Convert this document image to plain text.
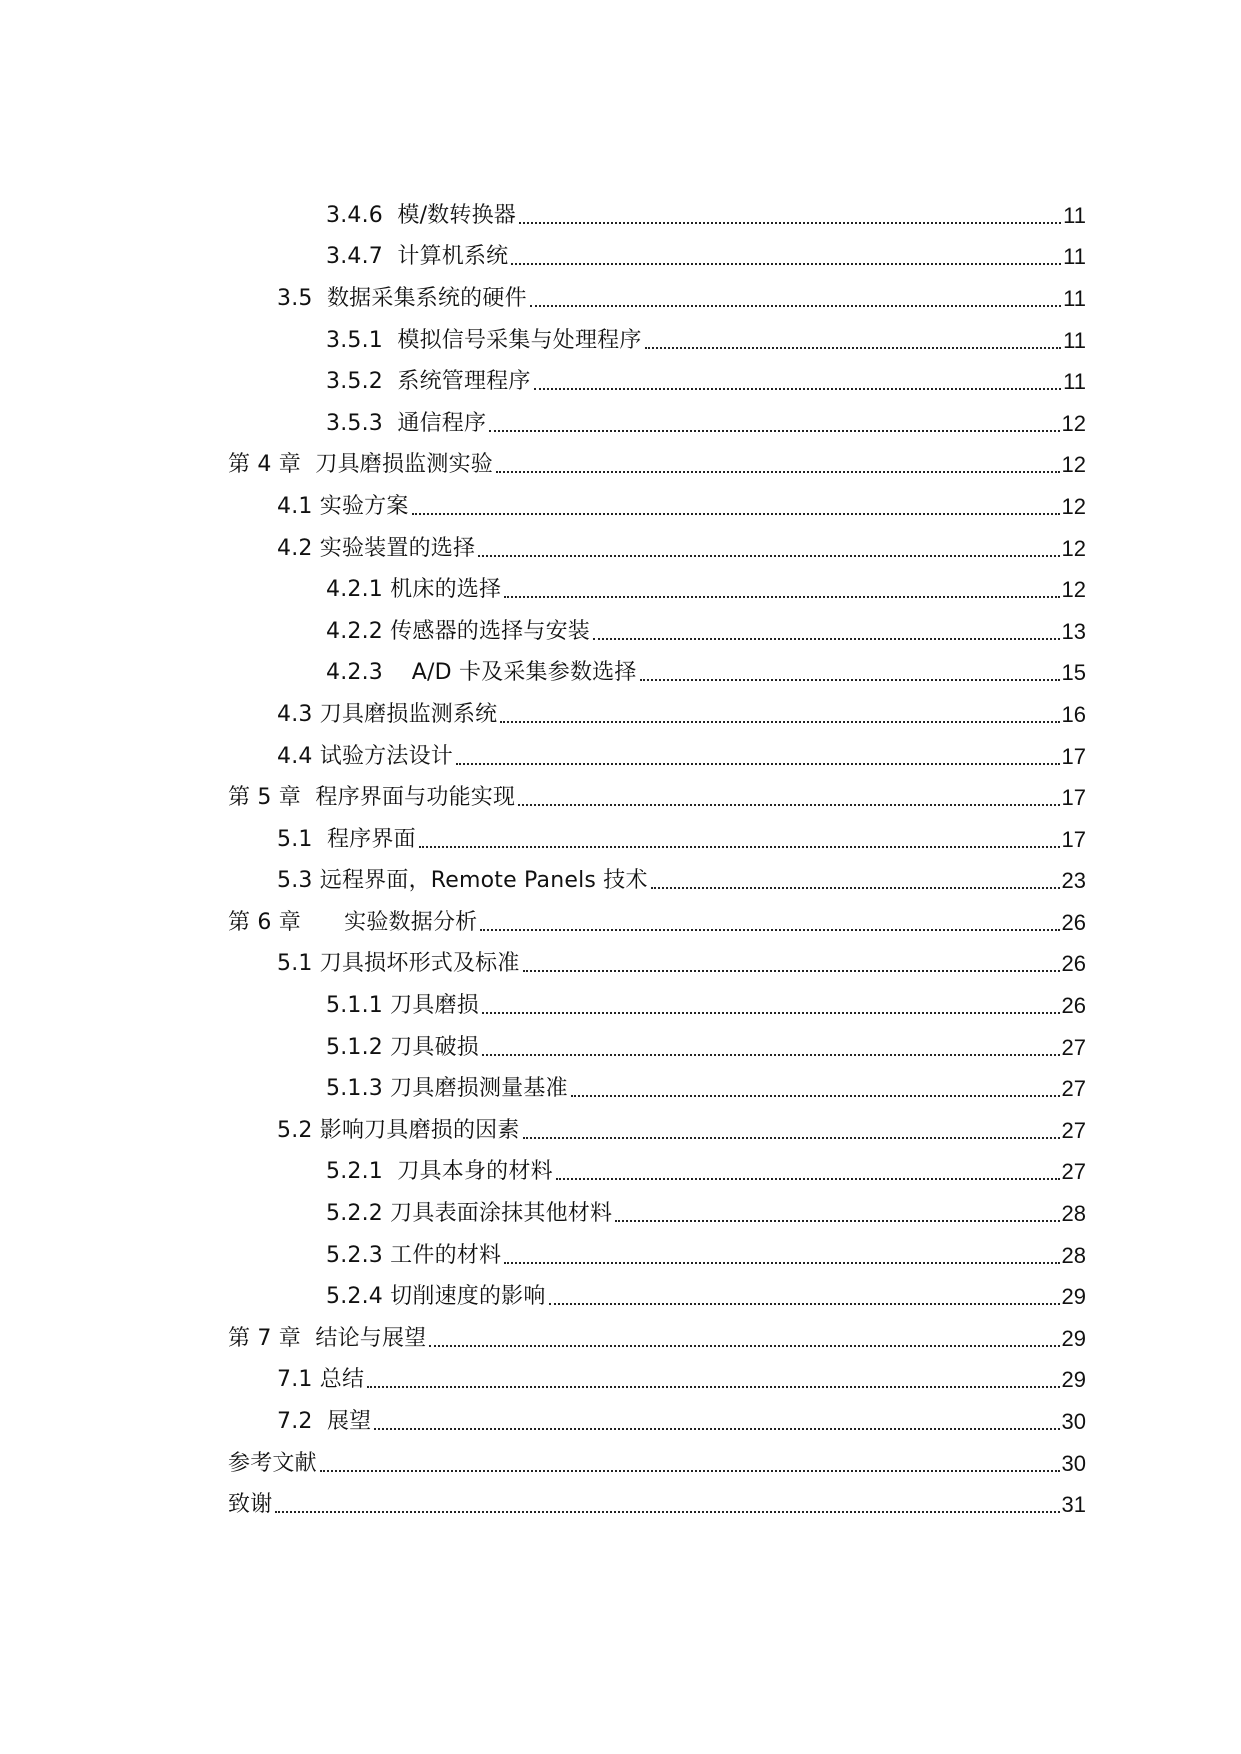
3.4.6  模/数转换器	11
3.4.7  计算机系统	11
3.5  数据采集系统的硬件	11
3.5.1  模拟信号采集与处理程序	11
3.5.2  系统管理程序	11
3.5.3  通信程序	12
第 4 章  刀具磨损监测实验	12
4.1 实验方案	12
4.2 实验装置的选择	12
4.2.1 机床的选择	12
4.2.2 传感器的选择与安装	13
4.2.3    A/D 卡及采集参数选择	15
4.3 刀具磨损监测系统	16
4.4 试验方法设计	17
第 5 章  程序界面与功能实现	17
5.1  程序界面	17
5.3 远程界面，Remote Panels 技术	23
第 6 章      实验数据分析	26
5.1 刀具损坏形式及标准	26
5.1.1 刀具磨损	26
5.1.2 刀具破损	27
5.1.3 刀具磨损测量基准	27
5.2 影响刀具磨损的因素	27
5.2.1  刀具本身的材料	27
5.2.2 刀具表面涂抹其他材料	28
5.2.3 工件的材料	28
5.2.4 切削速度的影响	29
第 7 章  结论与展望	29
7.1 总结	29
7.2  展望	30
参考文献	30
致谢	31
